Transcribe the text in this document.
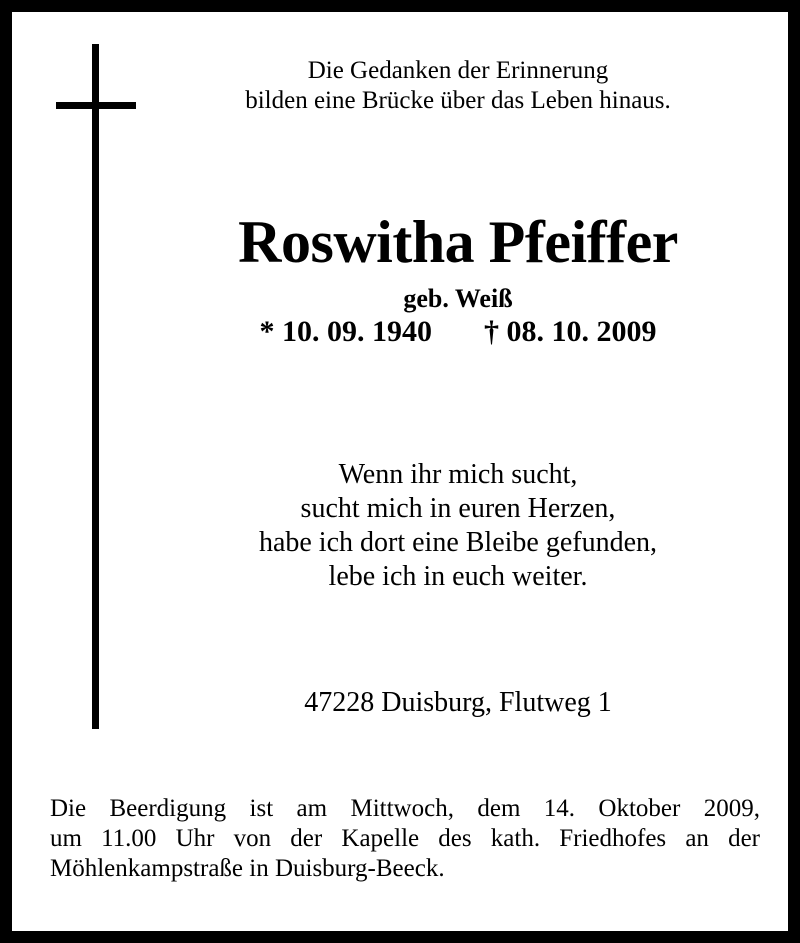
Die Gedanken der Erinnerung
bilden eine Brücke über das Leben hinaus.
Roswitha Pfeiffer
geb. Weiß
* 10. 09. 1940 † 08. 10. 2009
Wenn ihr mich sucht,
sucht mich in euren Herzen,
habe ich dort eine Bleibe gefunden,
lebe ich in euch weiter.
47228 Duisburg, Flutweg 1
Die Beerdigung ist am Mittwoch, dem 14. Oktober 2009,
um 11.00 Uhr von der Kapelle des kath. Friedhofes an der
Möhlenkampstraße in Duisburg-Beeck.
